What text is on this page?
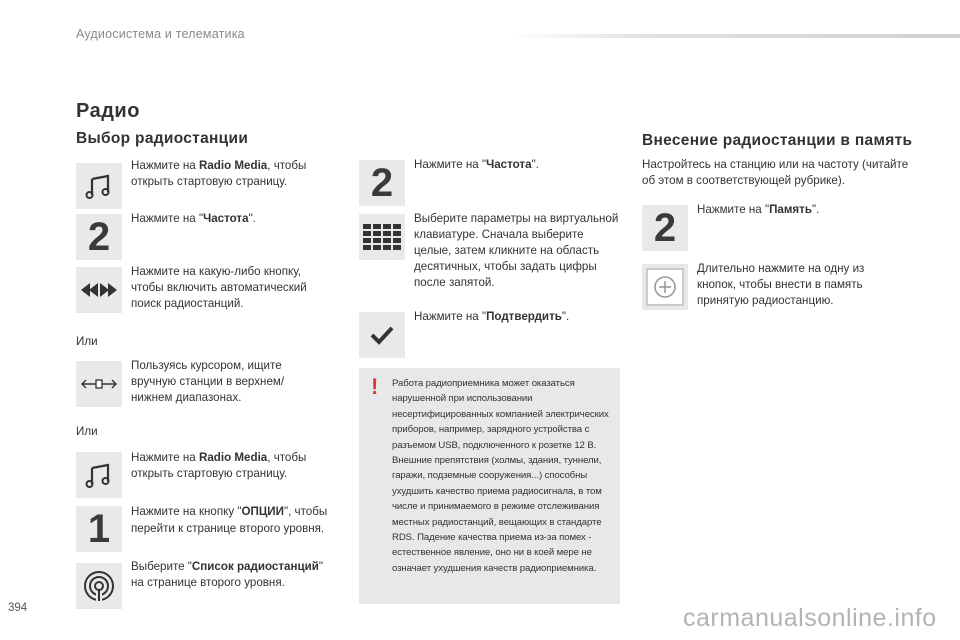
Аудиосистема и телематика
Радио
Выбор радиостанции
Нажмите на Radio Media, чтобы открыть стартовую страницу.
2 Нажмите на "Частота".
Нажмите на какую-либо кнопку, чтобы включить автоматический поиск радиостанций.
Или
Пользуясь курсором, ищите вручную станции в верхнем/ нижнем диапазонах.
Или
Нажмите на Radio Media, чтобы открыть стартовую страницу.
1 Нажмите на кнопку "ОПЦИИ", чтобы перейти к странице второго уровня.
Выберите "Список радиостанций" на странице второго уровня.
2 Нажмите на "Частота".
Выберите параметры на виртуальной клавиатуре. Сначала выберите целые, затем кликните на область десятичных, чтобы задать цифры после запятой.
Нажмите на "Подтвердить".
! Работа радиоприемника может оказаться нарушенной при использовании несертифицированных компанией электрических приборов, например, зарядного устройства с разъемом USB, подключенного к розетке 12 В.
Внешние препятствия (холмы, здания, туннели, гаражи, подземные сооружения...) способны ухудшить качество приема радиосигнала, в том числе и принимаемого в режиме отслеживания местных радиостанций, вещающих в стандарте RDS. Падение качества приема из-за помех - естественное явление, оно ни в коей мере не означает ухудшения качеств радиоприемника.
Внесение радиостанции в память
Настройтесь на станцию или на частоту (читайте об этом в соответствующей рубрике).
2 Нажмите на "Память".
Длительно нажмите на одну из кнопок, чтобы внести в память принятую радиостанцию.
394	carmanualsonline.info
